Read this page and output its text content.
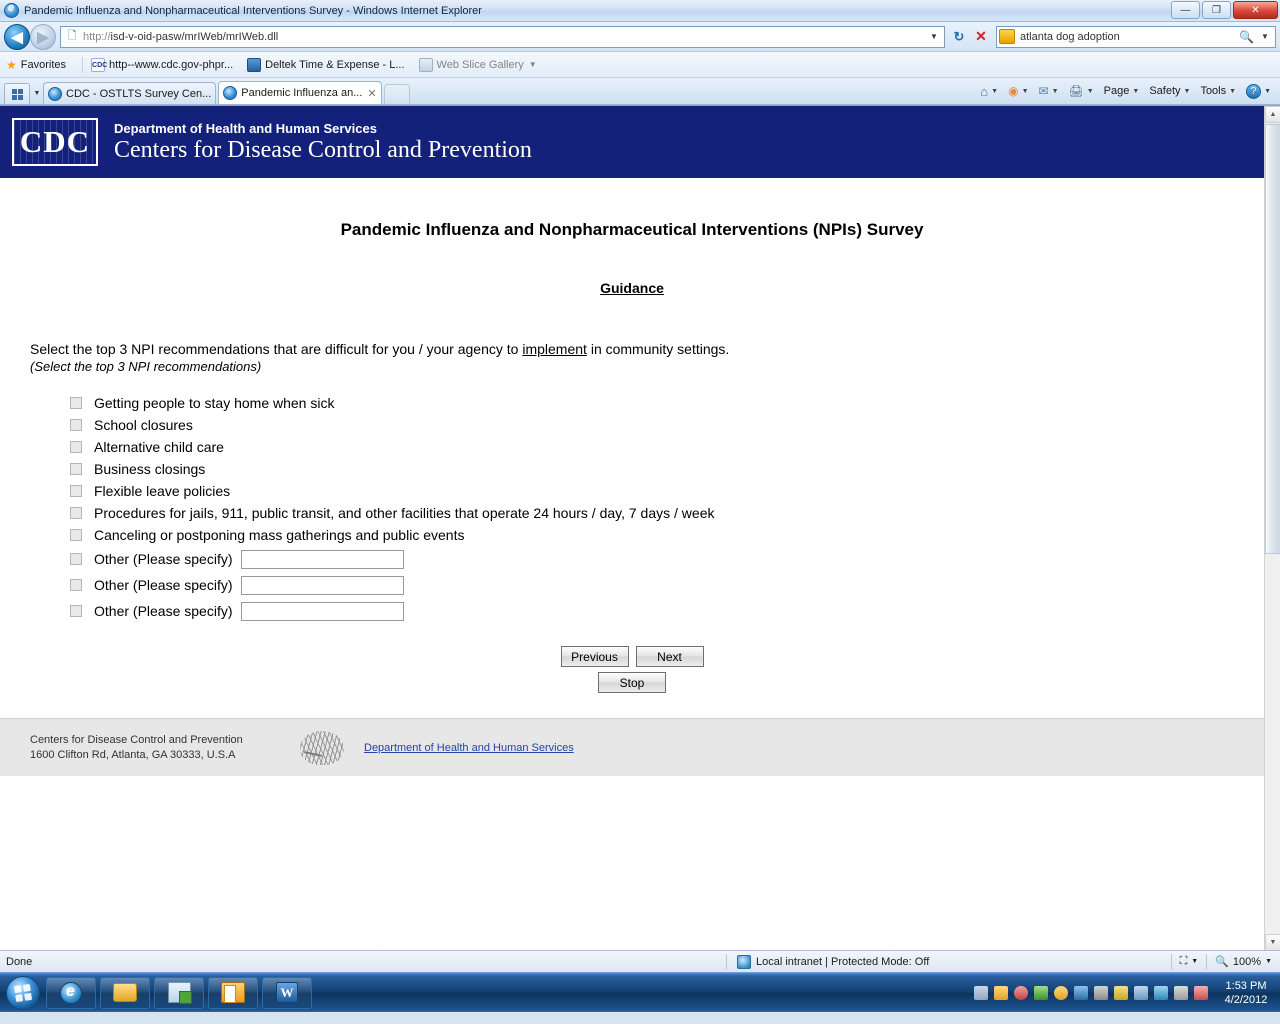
e
Pandemic Influenza and Nonpharmaceutical Interventions Survey - Windows Internet Explorer	—	❐	✕
◀ ▶	🗋 http://isd-v-oid-pasw/mrIWeb/mrIWeb.dll	▼	↻ ✕	atlanta dog adoption	🔍 ▼
★ Favorites	CDC http--www.cdc.gov-phpr...	Deltek Time & Expense - L...	Web Slice Gallery ▼
▼ CDC - OSTLTS Survey Cen...	Pandemic Influenza an... ✕	⌂ ▼ ◉ ▼ ✉ ▼ 🖨 ▼ Page ▼ Safety ▼ Tools ▼	?	▼
CDC	Department of Health and Human Services
Centers for Disease Control and Prevention
Pandemic Influenza and Nonpharmaceutical Interventions (NPIs) Survey
Guidance
Select the top 3 NPI recommendations that are difficult for you / your agency to implement in community settings.
(Select the top 3 NPI recommendations)
Getting people to stay home when sick
School closures
Alternative child care
Business closings
Flexible leave policies
Procedures for jails, 911, public transit, and other facilities that operate 24 hours / day, 7 days / week
Canceling or postponing mass gatherings and public events
Other (Please specify)
Other (Please specify)
Other (Please specify)
Previous	Next
Stop
Centers for Disease Control and Prevention
1600 Clifton Rd, Atlanta, GA 30333, U.S.A
Department of Health and Human Services
▲
▼
Done	Local intranet | Protected Mode: Off	⛶ ▼ 🔍 100% ▼
e
W	1:53 PM
4/2/2012
